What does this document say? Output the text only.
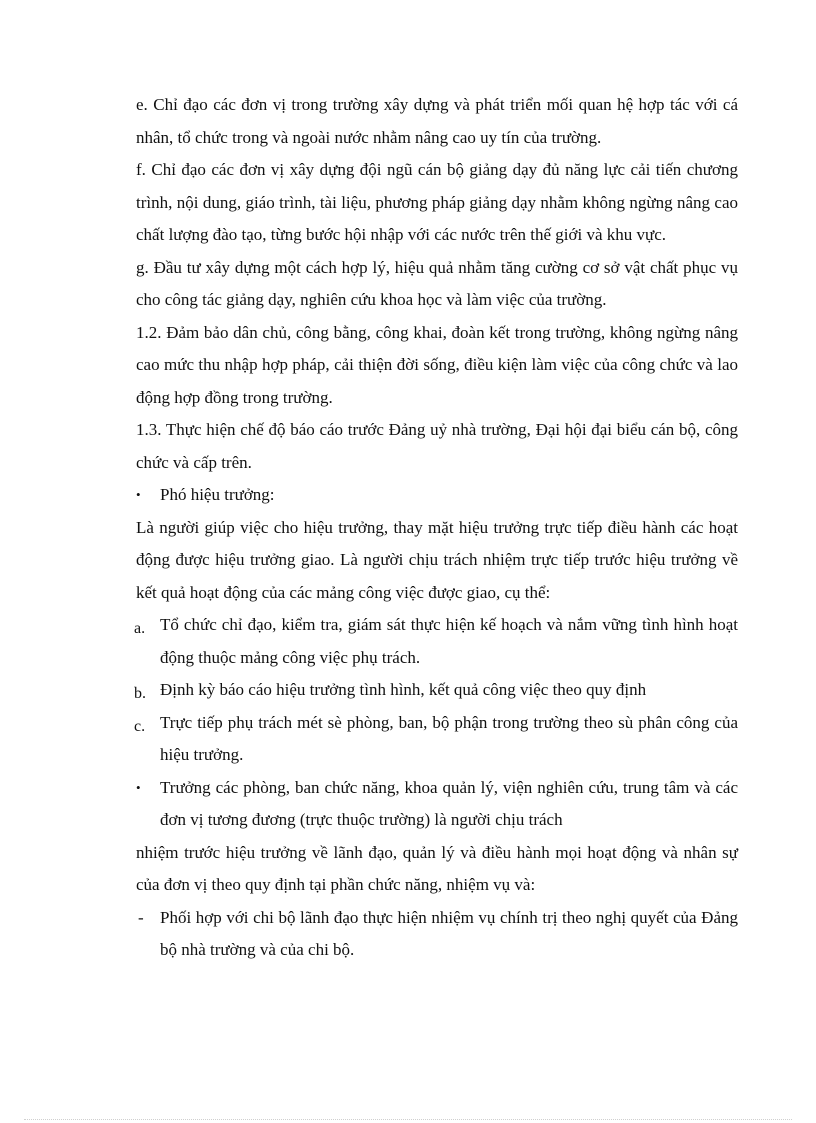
e. Chỉ đạo các đơn vị trong trường xây dựng và phát triển mối quan hệ hợp tác với cá nhân, tổ chức trong và ngoài nước nhằm nâng cao uy tín của trường.

f. Chỉ đạo các đơn vị xây dựng đội ngũ cán bộ giảng dạy đủ năng lực cải tiến chương trình, nội dung, giáo trình, tài liệu, phương pháp giảng dạy nhằm không ngừng nâng cao chất lượng đào tạo, từng bước hội nhập với các nước trên thế giới và khu vực.

g. Đầu tư xây dựng một cách hợp lý, hiệu quả nhằm tăng cường cơ sở vật chất phục vụ cho công tác giảng dạy, nghiên cứu khoa học và làm việc của trường.

1.2. Đảm bảo dân chủ, công bằng, công khai, đoàn kết trong trường, không ngừng nâng cao mức thu nhập hợp pháp, cải thiện đời sống, điều kiện làm việc của công chức và lao động hợp đồng trong trường.

1.3. Thực hiện chế độ báo cáo trước Đảng uỷ nhà trường, Đại hội đại biểu cán bộ, công chức và cấp trên.

•	Phó hiệu trưởng:

Là người giúp việc cho hiệu trưởng, thay mặt hiệu trưởng trực tiếp điều hành các hoạt động được hiệu trưởng giao. Là người chịu trách nhiệm trực tiếp trước hiệu trưởng về kết quả hoạt động của các mảng công việc được giao, cụ thể:

a. Tổ chức chỉ đạo, kiểm tra, giám sát thực hiện kế hoạch và nắm vững tình hình hoạt động thuộc mảng công việc phụ trách.

b. Định kỳ báo cáo hiệu trưởng tình hình, kết quả công việc theo quy định

c. Trực tiếp phụ trách mét sè phòng, ban, bộ phận trong trường theo sù phân công của hiệu trưởng.

•	Trưởng các phòng, ban chức năng, khoa quản lý, viện nghiên cứu, trung tâm và các đơn vị tương đương (trực thuộc trường) là người chịu trách

nhiệm trước hiệu trưởng về lãnh đạo, quản lý và điều hành mọi hoạt động và nhân sự của đơn vị theo quy định tại phần chức năng, nhiệm vụ và:

- Phối hợp với chi bộ lãnh đạo thực hiện nhiệm vụ chính trị theo nghị quyết của Đảng bộ nhà trường và của chi bộ.
